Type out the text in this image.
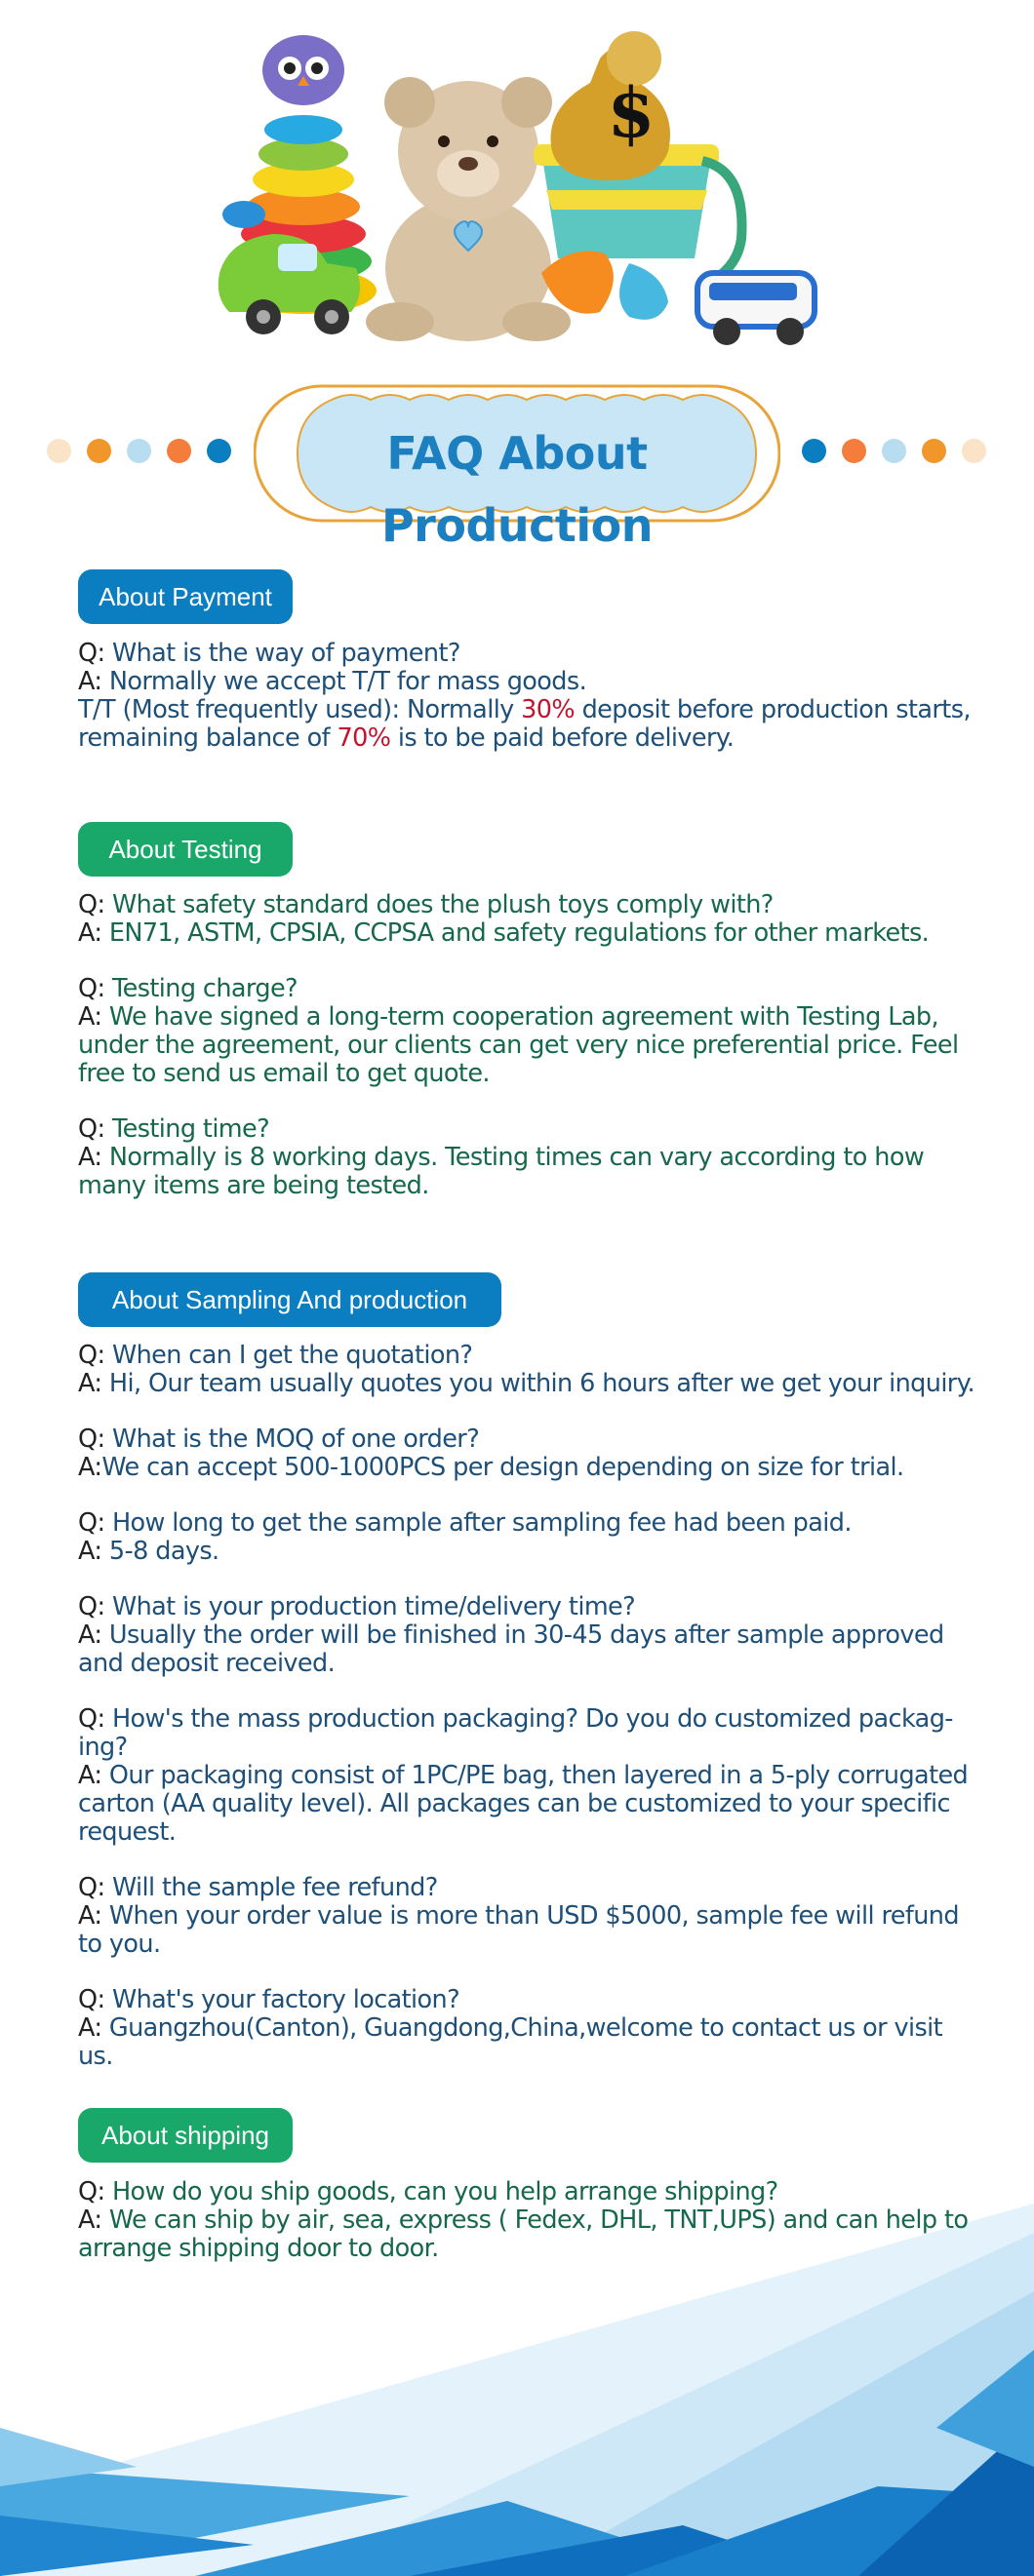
$
FAQ About Production
About Payment

Q: What is the way of payment?

A: Normally we accept T/T for mass goods.

T/T (Most frequently used): Normally 30% deposit before production starts,

remaining balance of 70% is to be paid before delivery.

About Testing

Q: What safety standard does the plush toys comply with?

A: EN71, ASTM, CPSIA, CCPSA and safety regulations for other markets.

Q: Testing charge?

A: We have signed a long-term cooperation agreement with Testing Lab, under the agreement, our clients can get very nice preferential price. Feel free to send us email to get quote.

Q: Testing time?

A: Normally is 8 working days. Testing times can vary according to how many items are being tested.

About Sampling And production

Q: When can I get the quotation?

A: Hi, Our team usually quotes you within 6 hours after we get your inquiry.

Q: What is the MOQ of one order?

A:We can accept 500-1000PCS per design depending on size for trial.

Q: How long to get the sample after sampling fee had been paid.

A: 5-8 days.

Q: What is your production time/delivery time?

A: Usually the order will be finished in 30-45 days after sample approved and deposit received.

Q: How's the mass production packaging? Do you do customized packag-ing?

A: Our packaging consist of 1PC/PE bag, then layered in a 5-ply corrugated carton (AA quality level). All packages can be customized to your specific request.

Q: Will the sample fee refund?

A: When your order value is more than USD $5000, sample fee will refund to you.

Q: What's your factory location?

A: Guangzhou(Canton), Guangdong,China,welcome to contact us or visit us.

About shipping

Q: How do you ship goods, can you help arrange shipping?

A: We can ship by air, sea, express ( Fedex, DHL, TNT,UPS) and can help to arrange shipping door to door.
